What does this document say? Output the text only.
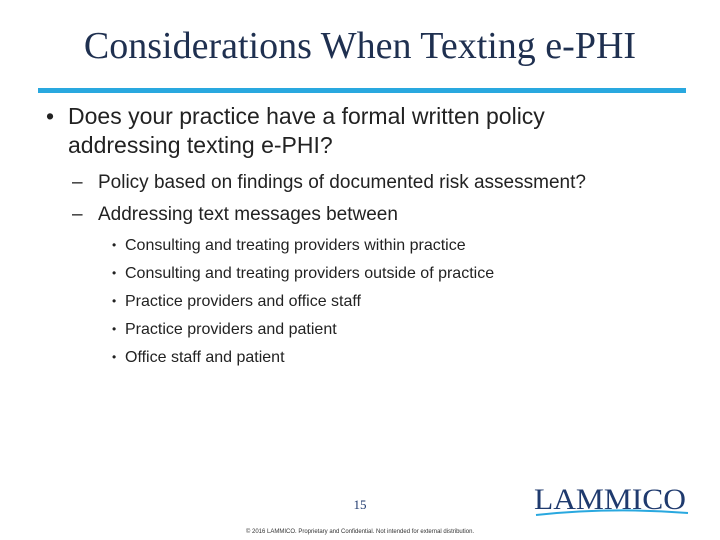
Considerations When Texting e-PHI
• Does your practice have a formal written policy
addressing texting e-PHI?
– Policy based on findings of documented risk assessment?
– Addressing text messages between
• Consulting and treating providers within practice
• Consulting and treating providers outside of practice
• Practice providers and office staff
• Practice providers and patient
• Office staff and patient
15
© 2016 LAMMICO. Proprietary and Confidential. Not intended for external distribution.
LAMMICO
